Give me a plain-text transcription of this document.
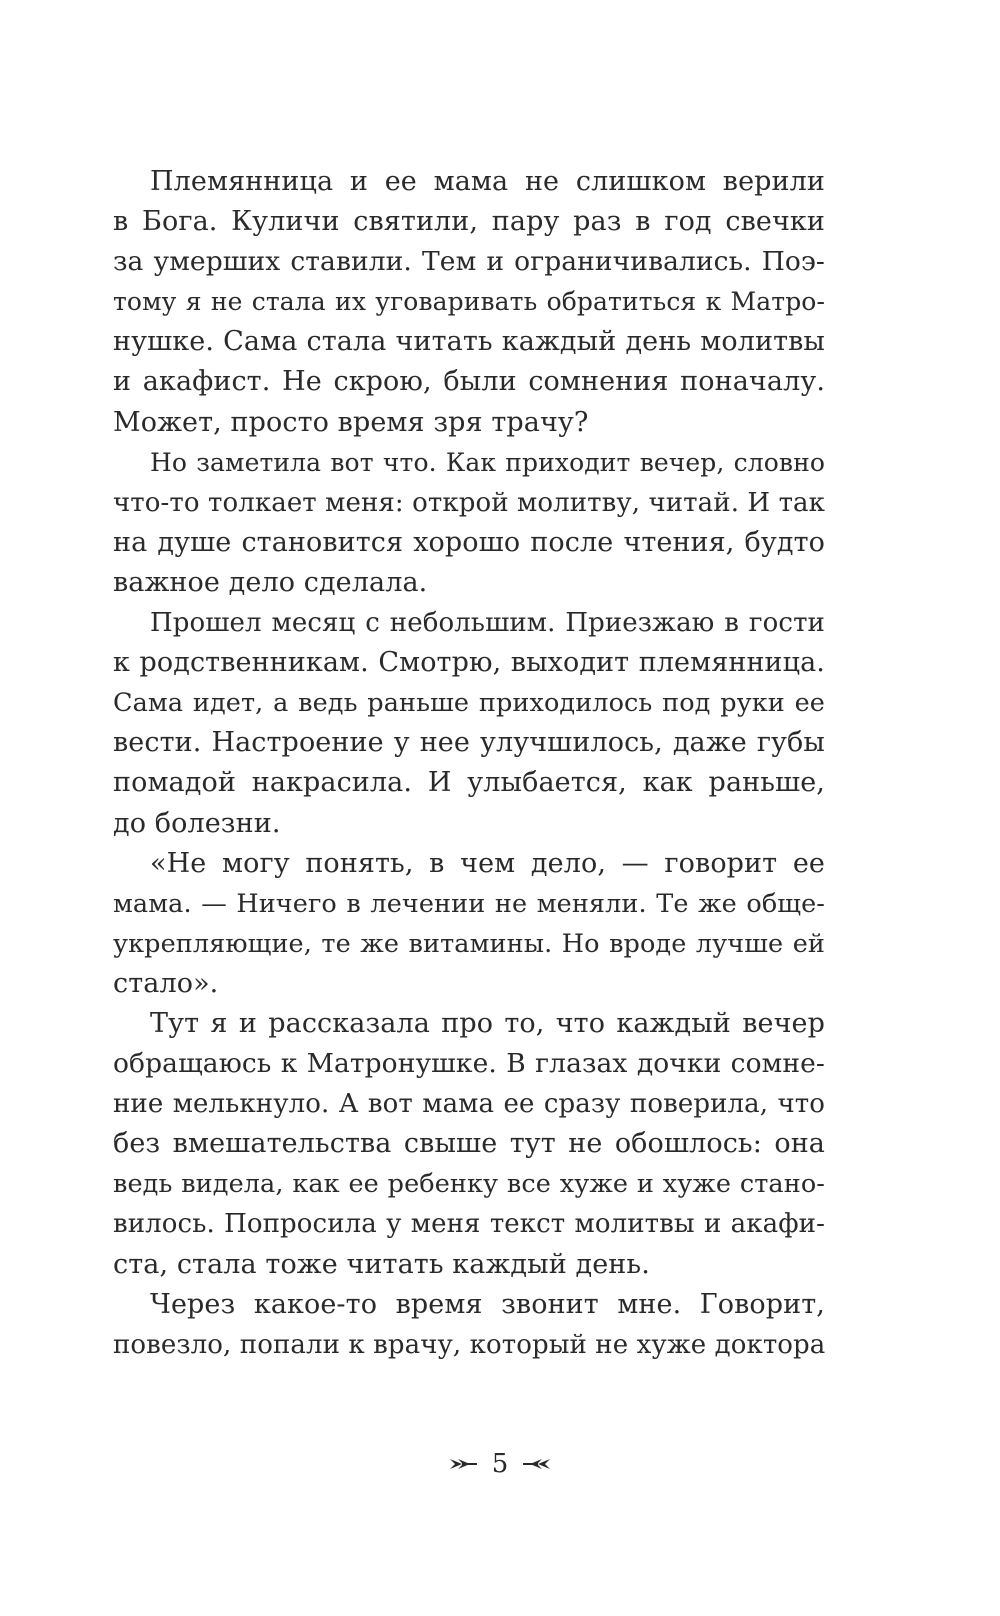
Племянница и ее мама не слишком верили
в Бога. Куличи святили, пару раз в год свечки
за умерших ставили. Тем и ограничивались. Поэ-
тому я не стала их уговаривать обратиться к Матро-
нушке. Сама стала читать каждый день молитвы
и акафист. Не скрою, были сомнения поначалу.
Может, просто время зря трачу?
Но заметила вот что. Как приходит вечер, словно
что-то толкает меня: открой молитву, читай. И так
на душе становится хорошо после чтения, будто
важное дело сделала.
Прошел месяц с небольшим. Приезжаю в гости
к родственникам. Смотрю, выходит племянница.
Сама идет, а ведь раньше приходилось под руки ее
вести. Настроение у нее улучшилось, даже губы
помадой накрасила. И улыбается, как раньше,
до болезни.
«Не могу понять, в чем дело, — говорит ее
мама. — Ничего в лечении не меняли. Те же обще-
укрепляющие, те же витамины. Но вроде лучше ей
стало».
Тут я и рассказала про то, что каждый вечер
обращаюсь к Матронушке. В глазах дочки сомне-
ние мелькнуло. А вот мама ее сразу поверила, что
без вмешательства свыше тут не обошлось: она
ведь видела, как ее ребенку все хуже и хуже стано-
вилось. Попросила у меня текст молитвы и акафи-
ста, стала тоже читать каждый день.
Через какое-то время звонит мне. Говорит,
повезло, попали к врачу, который не хуже доктора
5
